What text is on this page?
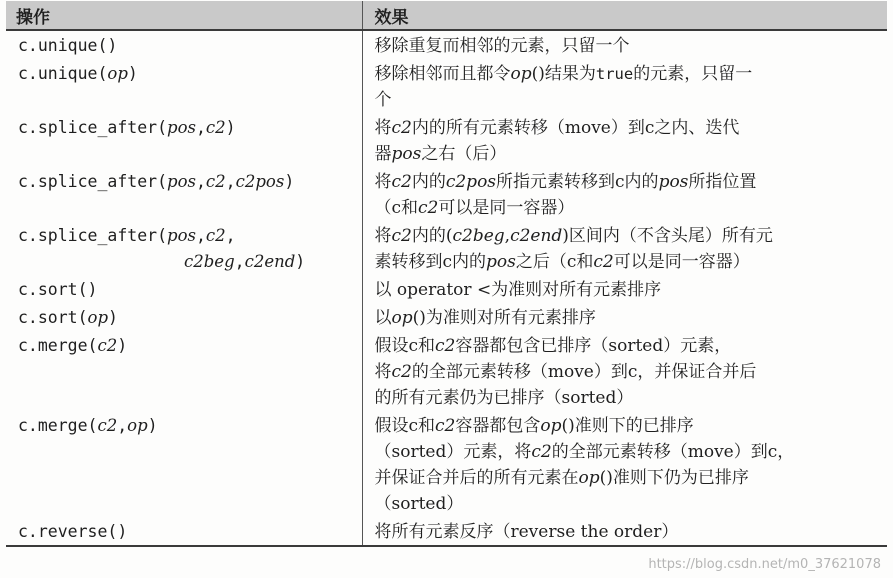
操作	效果
c.unique()	移除重复而相邻的元素，只留一个

c.unique(op)	移除相邻而且都令op()结果为true的元素，只留一
个

c.splice_after(pos,c2)	将c2内的所有元素转移（move）到c之内、迭代
器pos之右（后）

c.splice_after(pos,c2,c2pos)	将c2内的c2pos所指元素转移到c内的pos所指位置
（c和c2可以是同一容器）

c.splice_after(pos,c2,
c2beg,c2end)	将c2内的(c2beg,c2end)区间内（不含头尾）所有元
素转移到c内的pos之后（c和c2可以是同一容器）

c.sort()	以 operator <为准则对所有元素排序

c.sort(op)	以op()为准则对所有元素排序

c.merge(c2)	假设c和c2容器都包含已排序（sorted）元素，
将c2的全部元素转移（move）到c，并保证合并后
的所有元素仍为已排序（sorted）

c.merge(c2,op)	假设c和c2容器都包含op()准则下的已排序
（sorted）元素，将c2的全部元素转移（move）到c，
并保证合并后的所有元素在op()准则下仍为已排序
（sorted）

c.reverse()	将所有元素反序（reverse the order）
https://blog.csdn.net/m0_37621078
